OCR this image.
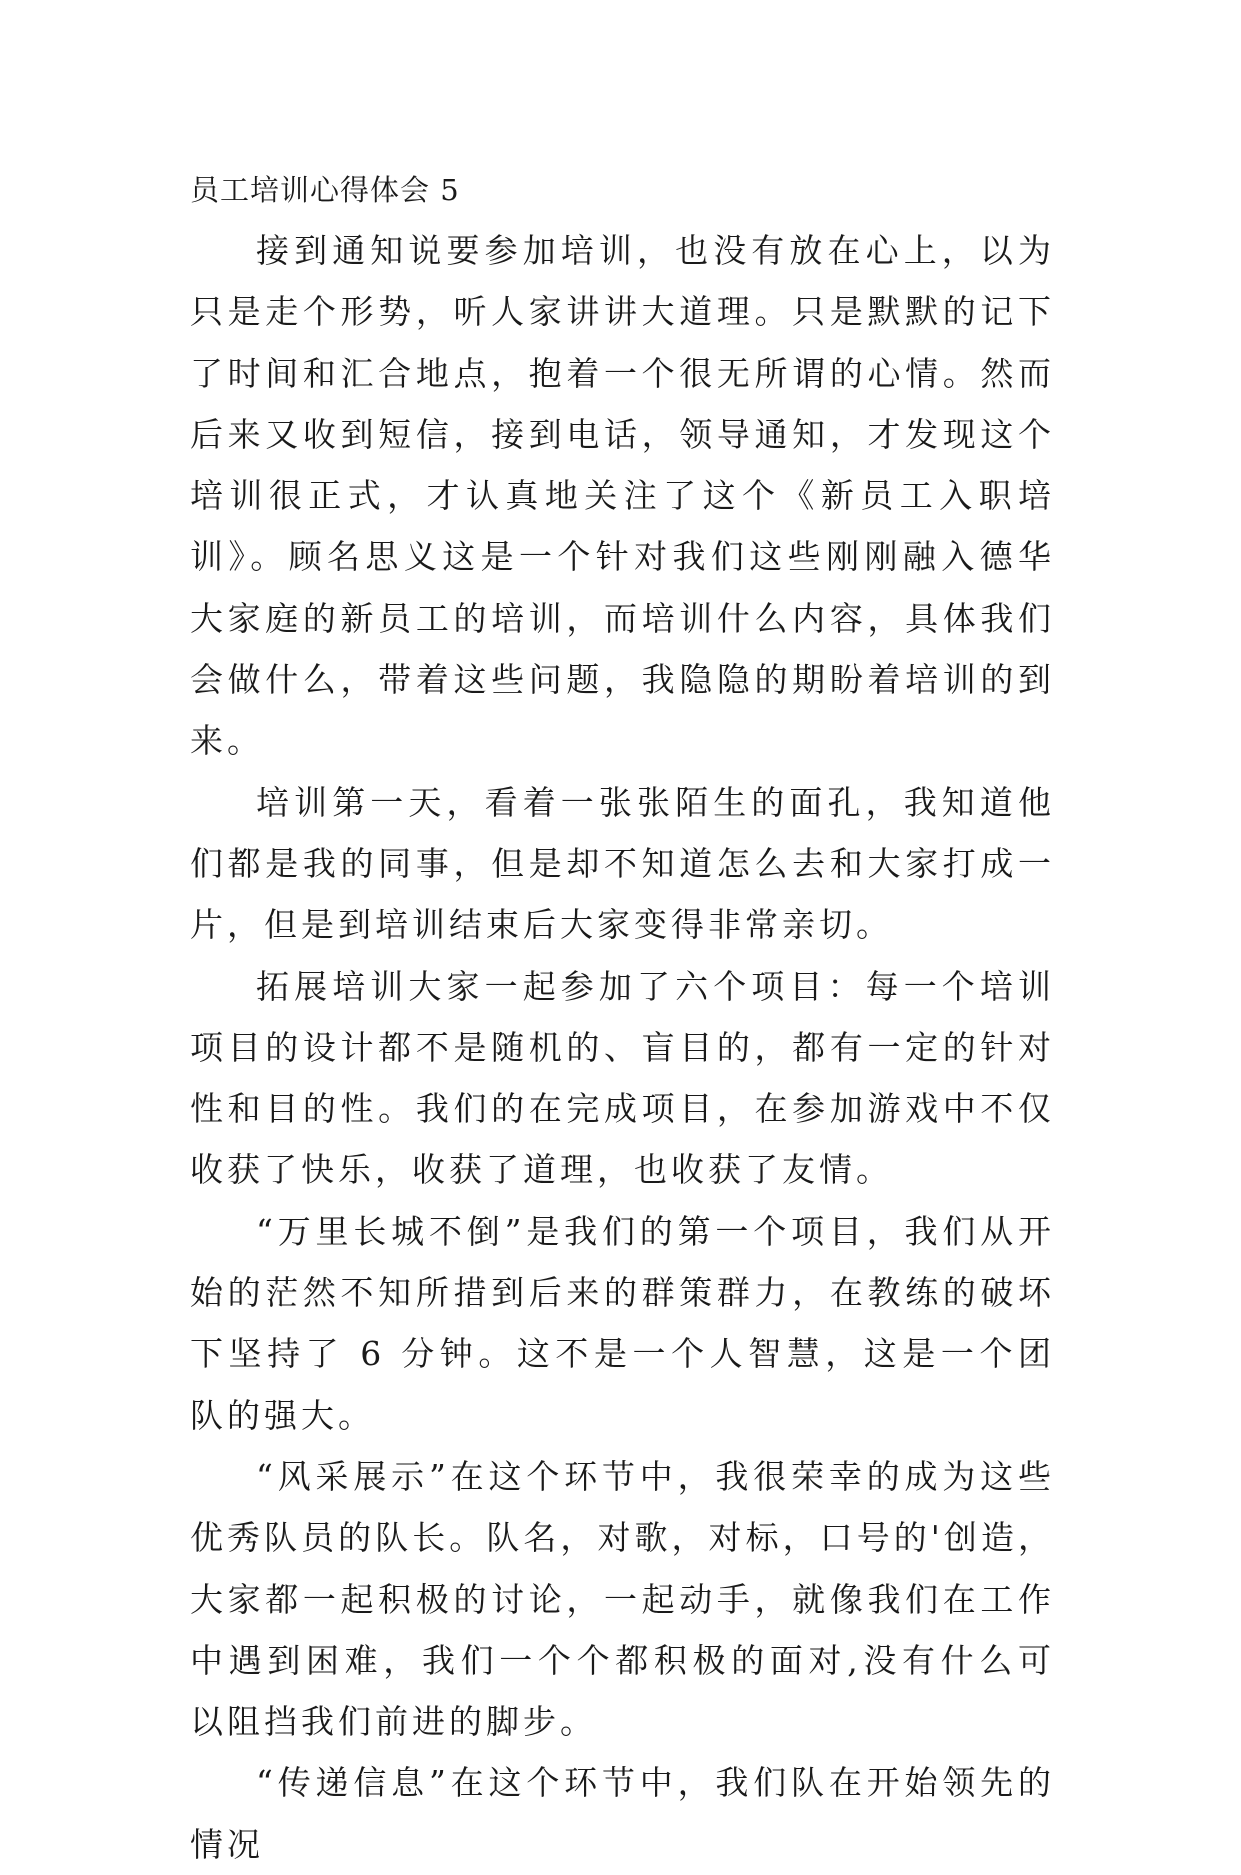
员工培训心得体会 5

接到通知说要参加培训，也没有放在心上，以为只是走个形势，听人家讲讲大道理。只是默默的记下了时间和汇合地点，抱着一个很无所谓的心情。然而后来又收到短信，接到电话，领导通知，才发现这个培训很正式，才认真地关注了这个《新员工入职培训》。顾名思义这是一个针对我们这些刚刚融入德华大家庭的新员工的培训，而培训什么内容，具体我们会做什么，带着这些问题，我隐隐的期盼着培训的到来。

培训第一天，看着一张张陌生的面孔，我知道他们都是我的同事，但是却不知道怎么去和大家打成一片，但是到培训结束后大家变得非常亲切。

拓展培训大家一起参加了六个项目：每一个培训项目的设计都不是随机的、盲目的，都有一定的针对性和目的性。我们的在完成项目，在参加游戏中不仅收获了快乐，收获了道理，也收获了友情。

“万里长城不倒”是我们的第一个项目，我们从开始的茫然不知所措到后来的群策群力，在教练的破坏下坚持了 6 分钟。这不是一个人智慧，这是一个团队的强大。

“风采展示”在这个环节中，我很荣幸的成为这些优秀队员的队长。队名，对歌，对标，口号的'创造，大家都一起积极的讨论，一起动手，就像我们在工作中遇到困难，我们一个个都积极的面对,没有什么可以阻挡我们前进的脚步。

“传递信息”在这个环节中，我们队在开始领先的情况
